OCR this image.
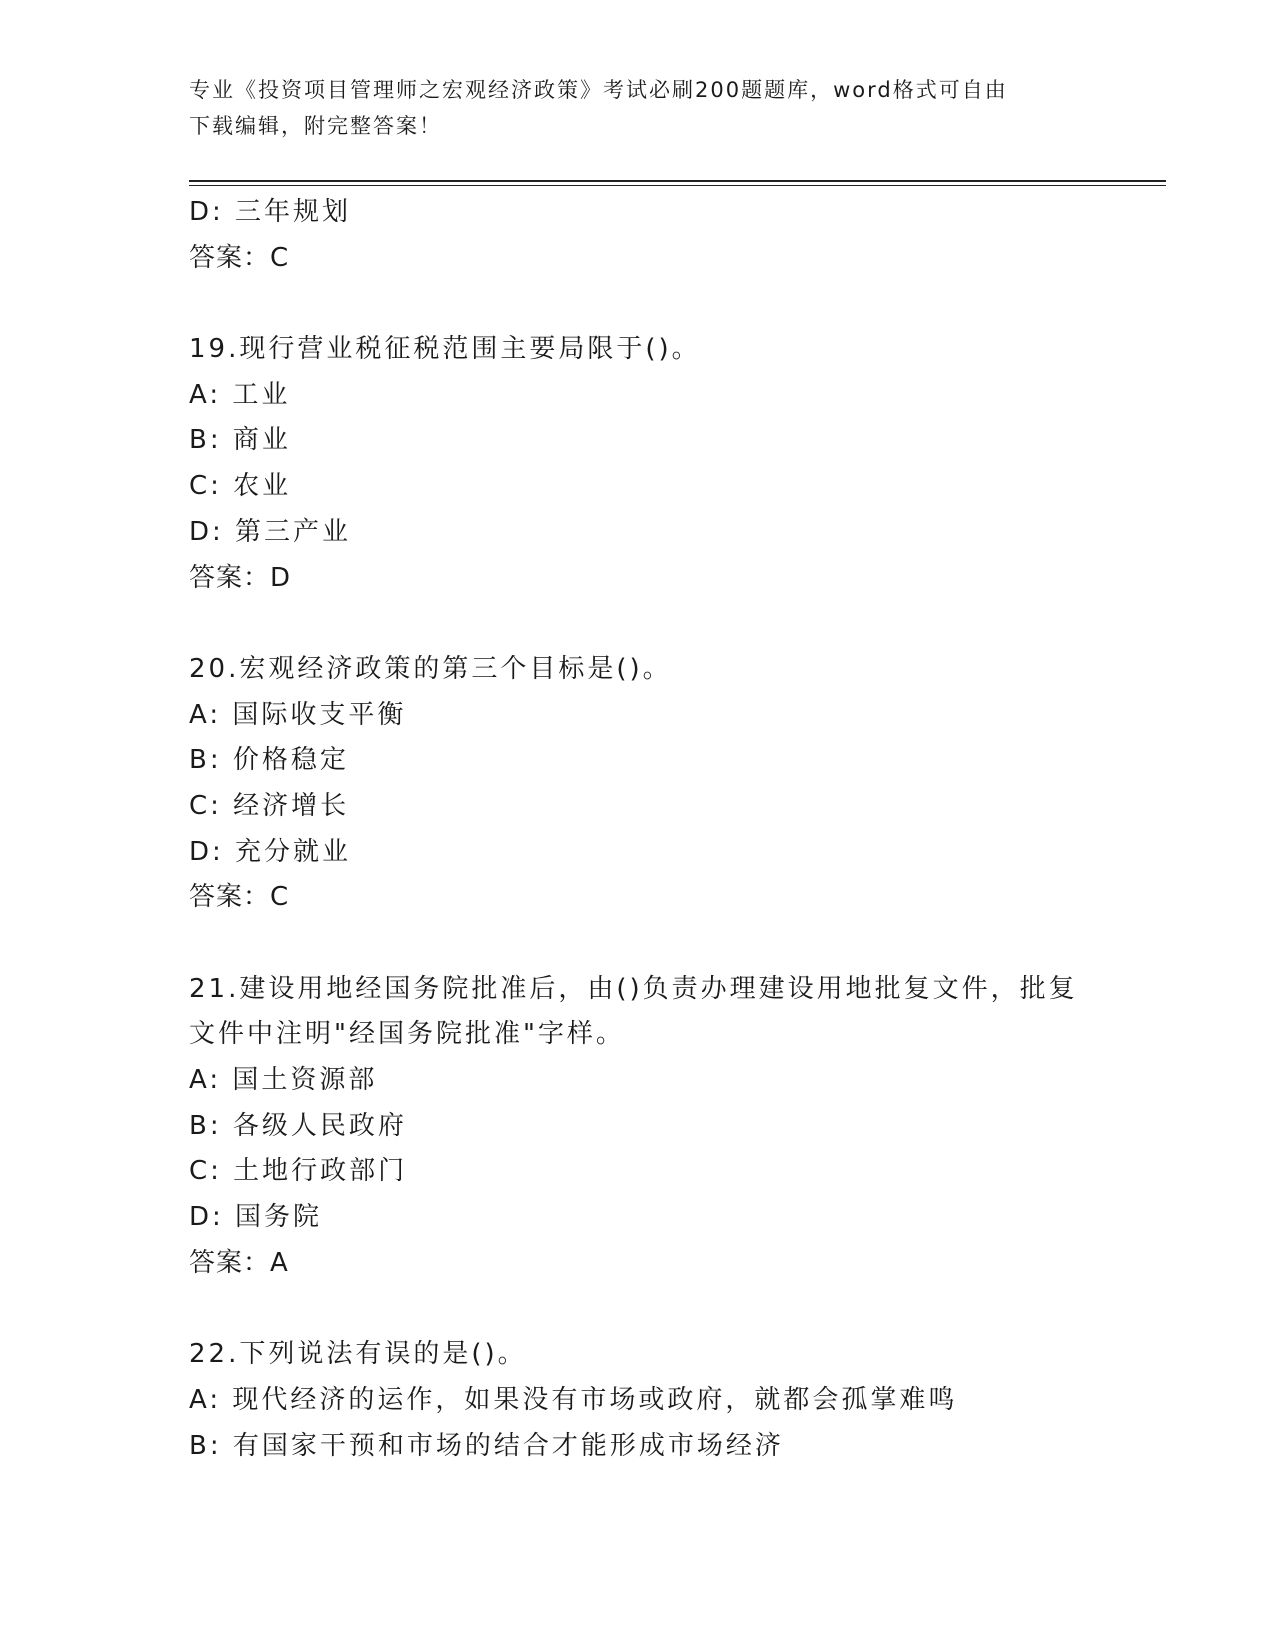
专业《投资项目管理师之宏观经济政策》考试必刷200题题库，word格式可自由
下载编辑，附完整答案！
D: 三年规划
答案：C
19.现行营业税征税范围主要局限于()。
A: 工业
B: 商业
C: 农业
D: 第三产业
答案：D
20.宏观经济政策的第三个目标是()。
A: 国际收支平衡
B: 价格稳定
C: 经济增长
D: 充分就业
答案：C
21.建设用地经国务院批准后，由()负责办理建设用地批复文件，批复
文件中注明"经国务院批准"字样。
A: 国土资源部
B: 各级人民政府
C: 土地行政部门
D: 国务院
答案：A
22.下列说法有误的是()。
A: 现代经济的运作，如果没有市场或政府，就都会孤掌难鸣
B: 有国家干预和市场的结合才能形成市场经济
